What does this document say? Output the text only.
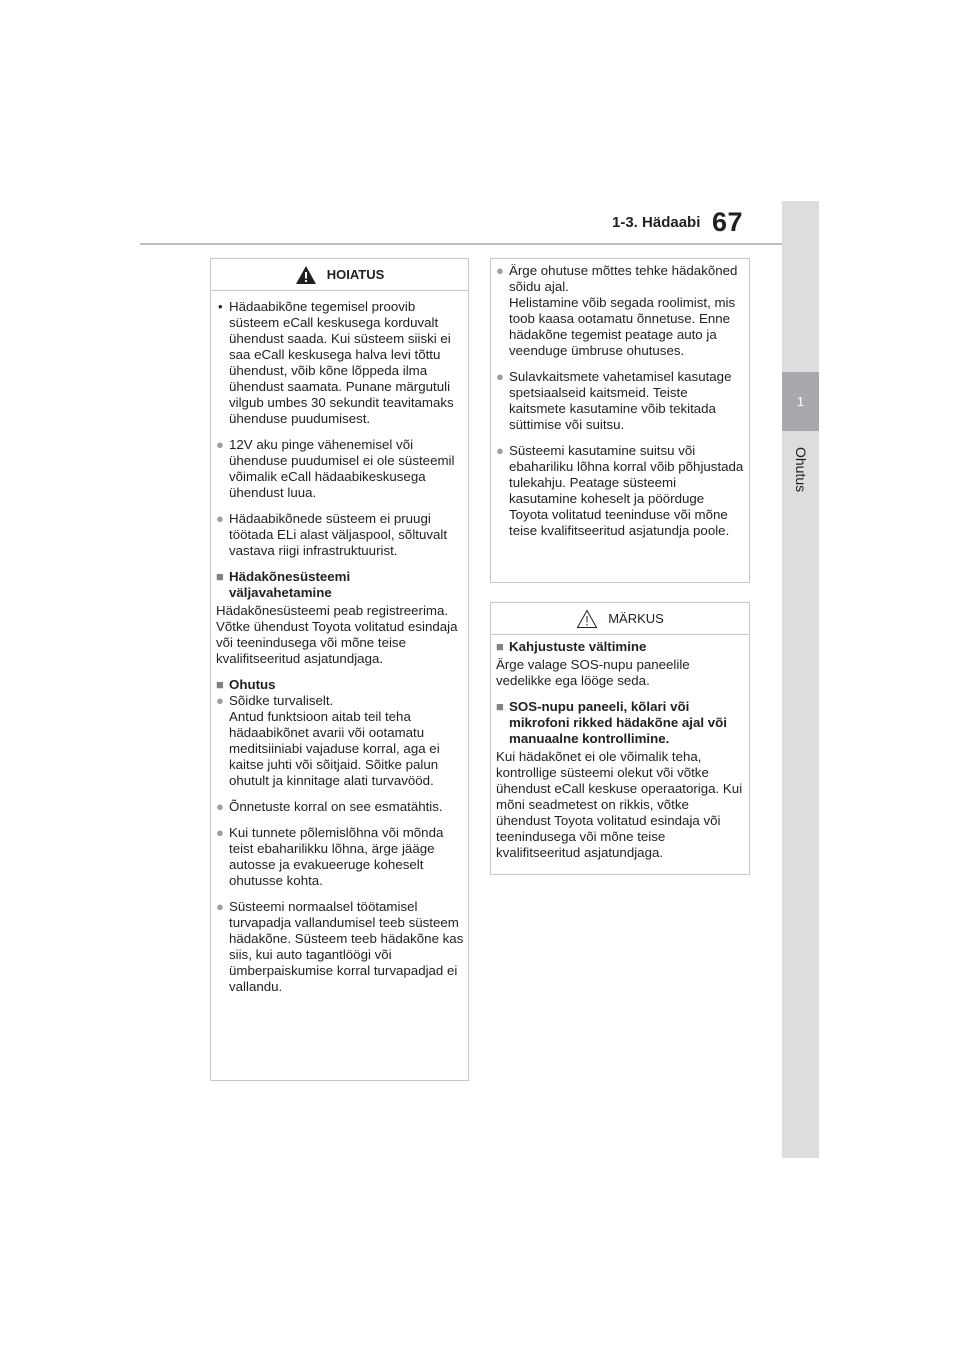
67
1-3. Hädaabi
1
Ohutus
HOIATUS
• Hädaabikõne tegemisel proovib süsteem eCall keskusega korduvalt ühendust saada. Kui süsteem siiski ei saa eCall keskusega halva levi tõttu ühendust, võib kõne lõppeda ilma ühendust saamata. Punane märgutuli vilgub umbes 30 sekundit teavitamaks ühenduse puudumisest.
● 12V aku pinge vähenemisel või ühenduse puudumisel ei ole süsteemil võimalik eCall hädaabikeskusega ühendust luua.
● Hädaabikõnede süsteem ei pruugi töötada ELi alast väljaspool, sõltuvalt vastava riigi infrastruktuurist.
■ Hädakõnesüsteemi
väljavahetamine
Hädakõnesüsteemi peab registreerima. Võtke ühendust Toyota volitatud esindaja või teenindusega või mõne teise kvalifitseeritud asjatundjaga.
■ Ohutus
● Sõidke turvaliselt.
Antud funktsioon aitab teil teha hädaabikõnet avarii või ootamatu meditsiiniabi vajaduse korral, aga ei kaitse juhti või sõitjaid. Sõitke palun ohutult ja kinnitage alati turvavööd.
● Õnnetuste korral on see esmatähtis.
● Kui tunnete põlemislõhna või mõnda teist ebaharilikku lõhna, ärge jääge autosse ja evakueeruge koheselt ohutusse kohta.
● Süsteemi normaalsel töötamisel turvapadja vallandumisel teeb süsteem hädakõne. Süsteem teeb hädakõne kas siis, kui auto tagantlöögi või ümberpaiskumise korral turvapadjad ei vallandu.
● Ärge ohutuse mõttes tehke hädakõned sõidu ajal.
Helistamine võib segada roolimist, mis toob kaasa ootamatu õnnetuse. Enne hädakõne tegemist peatage auto ja veenduge ümbruse ohutuses.
● Sulavkaitsmete vahetamisel kasutage spetsiaalseid kaitsmeid. Teiste kaitsmete kasutamine võib tekitada süttimise või suitsu.
● Süsteemi kasutamine suitsu või ebahariliku lõhna korral võib põhjustada tulekahju. Peatage süsteemi kasutamine koheselt ja pöörduge Toyota volitatud teeninduse või mõne teise kvalifitseeritud asjatundja poole.
MÄRKUS
■ Kahjustuste vältimine
Ärge valage SOS-nupu paneelile vedelikke ega lööge seda.
■ SOS-nupu paneeli, kõlari või mikrofoni rikked hädakõne ajal või manuaalne kontrollimine.
Kui hädakõnet ei ole võimalik teha, kontrollige süsteemi olekut või võtke ühendust eCall keskuse operaatoriga. Kui mõni seadmetest on rikkis, võtke ühendust Toyota volitatud esindaja või teenindusega või mõne teise kvalifitseeritud asjatundjaga.
